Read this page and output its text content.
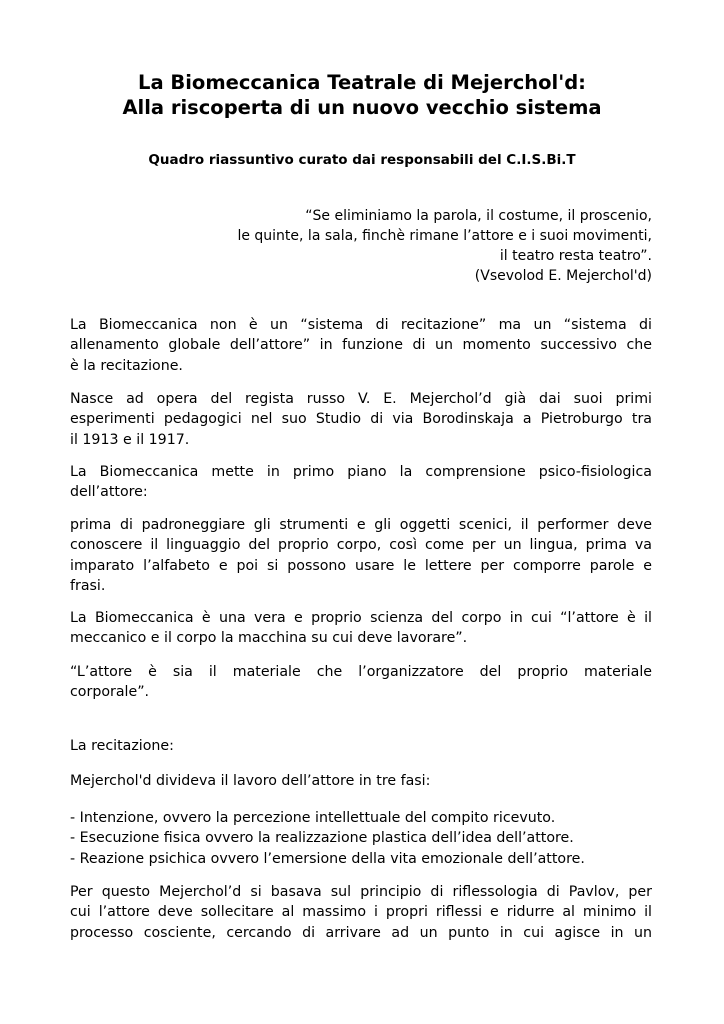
La Biomeccanica Teatrale di Mejerchol'd:
Alla riscoperta di un nuovo vecchio sistema

Quadro riassuntivo curato dai responsabili del C.I.S.Bi.T

“Se eliminiamo la parola, il costume, il proscenio,
le quinte, la sala, finchè rimane l’attore e i suoi movimenti,
il teatro resta teatro”.
(Vsevolod E. Mejerchol'd)
La Biomeccanica non è un “sistema di recitazione” ma un “sistema di
allenamento globale dell’attore” in funzione di un momento successivo che
è la recitazione.
Nasce ad opera del regista russo V. E. Mejerchol’d già dai suoi primi
esperimenti pedagogici nel suo Studio di via Borodinskaja a Pietroburgo tra
il 1913 e il 1917.
La Biomeccanica mette in primo piano la comprensione psico-fisiologica
dell’attore:
prima di padroneggiare gli strumenti e gli oggetti scenici, il performer deve
conoscere il linguaggio del proprio corpo, così come per un lingua, prima va
imparato l’alfabeto e poi si possono usare le lettere per comporre parole e
frasi.
La Biomeccanica è una vera e proprio scienza del corpo in cui “l’attore è il
meccanico e il corpo la macchina su cui deve lavorare”.
“L’attore è sia il materiale che l’organizzatore del proprio materiale
corporale”.
La recitazione:
Mejerchol'd divideva il lavoro dell’attore in tre fasi:
- Intenzione, ovvero la percezione intellettuale del compito ricevuto.
- Esecuzione fisica ovvero la realizzazione plastica dell’idea dell’attore.
- Reazione psichica ovvero l’emersione della vita emozionale dell’attore.
Per questo Mejerchol’d si basava sul principio di riflessologia di Pavlov, per
cui l’attore deve sollecitare al massimo i propri riflessi e ridurre al minimo il
processo cosciente, cercando di arrivare ad un punto in cui agisce in un
